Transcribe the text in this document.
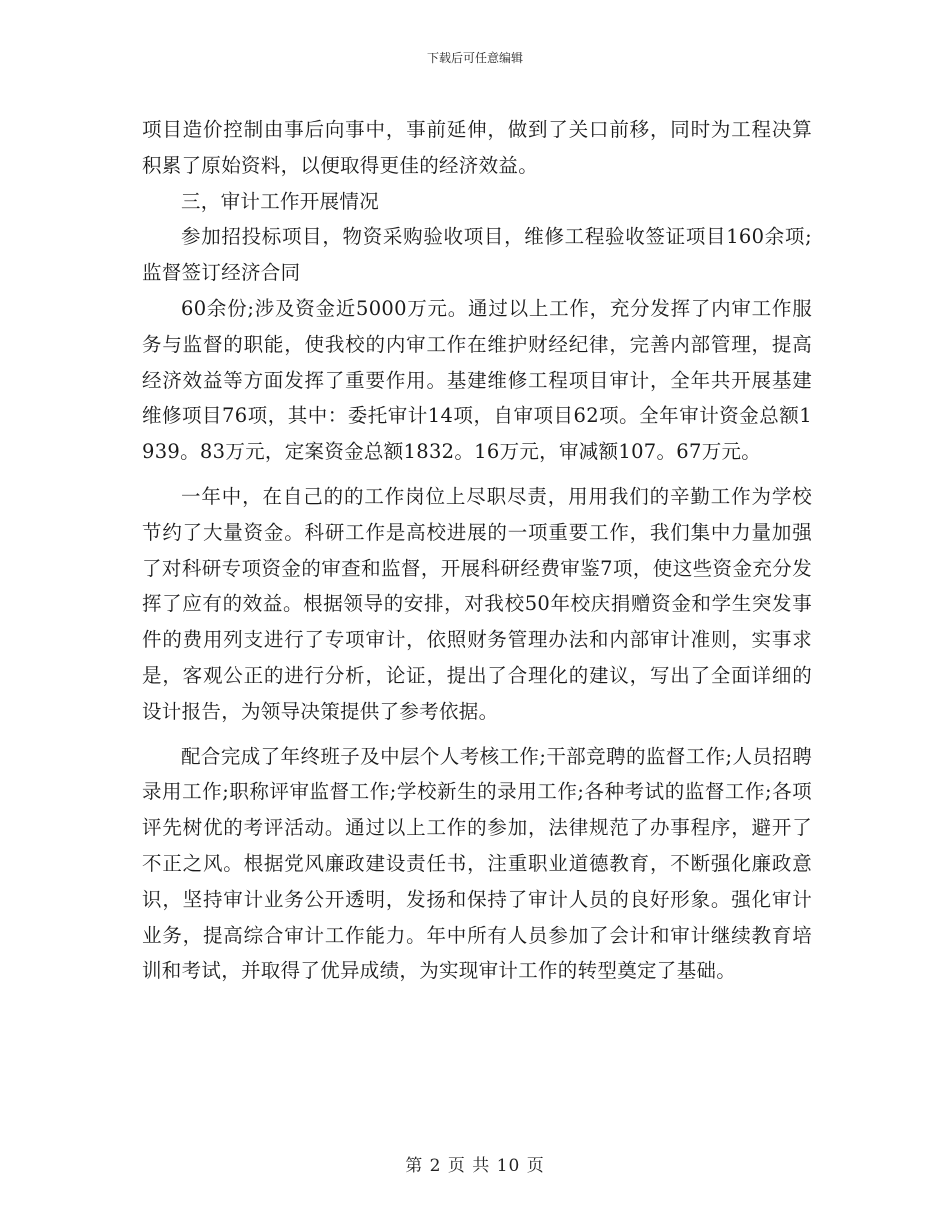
下载后可任意编辑

项目造价控制由事后向事中，事前延伸，做到了关口前移，同时为工程决算积累了原始资料，以便取得更佳的经济效益。

三，审计工作开展情况

参加招投标项目，物资采购验收项目，维修工程验收签证项目160余项;监督签订经济合同

60余份;涉及资金近5000万元。通过以上工作，充分发挥了内审工作服务与监督的职能，使我校的内审工作在维护财经纪律，完善内部管理，提高经济效益等方面发挥了重要作用。基建维修工程项目审计，全年共开展基建维修项目76项，其中：委托审计14项，自审项目62项。全年审计资金总额1939。83万元，定案资金总额1832。16万元，审减额107。67万元。

一年中，在自己的的工作岗位上尽职尽责，用用我们的辛勤工作为学校节约了大量资金。科研工作是高校进展的一项重要工作，我们集中力量加强了对科研专项资金的审查和监督，开展科研经费审鉴7项，使这些资金充分发挥了应有的效益。根据领导的安排，对我校50年校庆捐赠资金和学生突发事件的费用列支进行了专项审计，依照财务管理办法和内部审计准则，实事求是，客观公正的进行分析，论证，提出了合理化的建议，写出了全面详细的设计报告，为领导决策提供了参考依据。

配合完成了年终班子及中层个人考核工作;干部竞聘的监督工作;人员招聘录用工作;职称评审监督工作;学校新生的录用工作;各种考试的监督工作;各项评先树优的考评活动。通过以上工作的参加，法律规范了办事程序，避开了不正之风。根据党风廉政建设责任书，注重职业道德教育，不断强化廉政意识，坚持审计业务公开透明，发扬和保持了审计人员的良好形象。强化审计业务，提高综合审计工作能力。年中所有人员参加了会计和审计继续教育培训和考试，并取得了优异成绩，为实现审计工作的转型奠定了基础。

第 2 页 共 10 页
